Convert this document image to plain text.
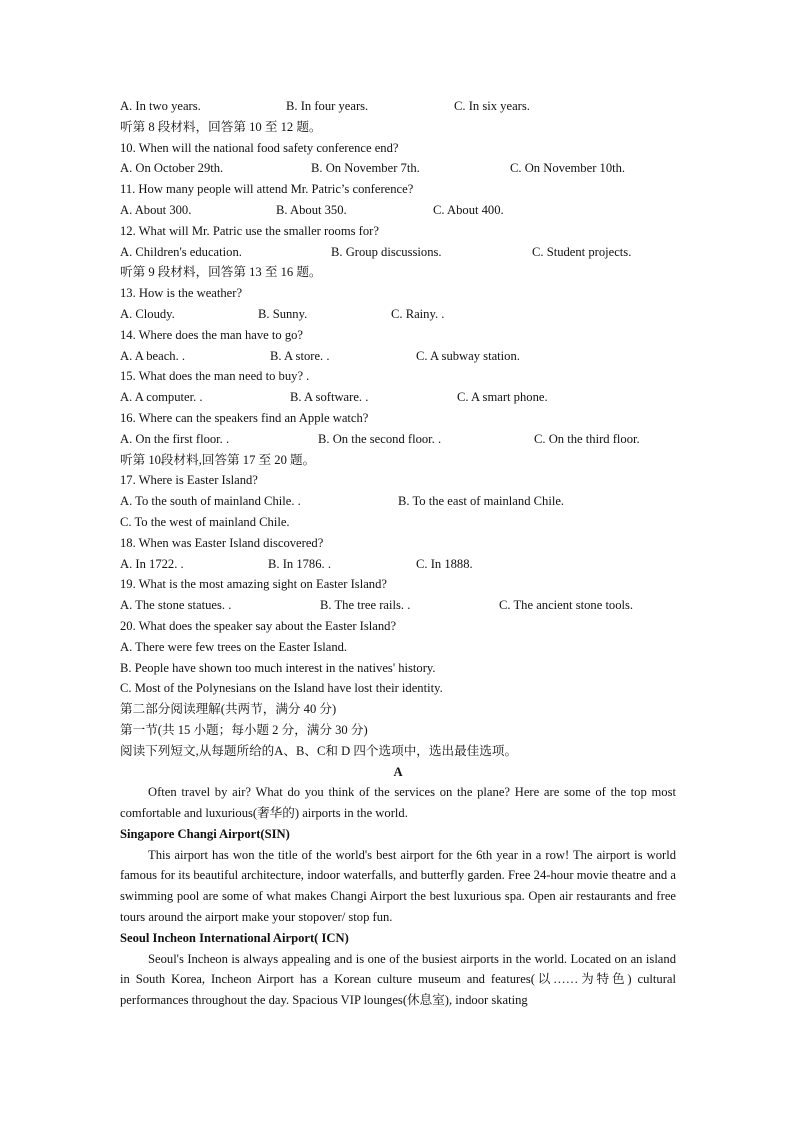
A. In two years.	B. In four years.	C. In six years.
听第 8 段材料，回答第 10 至 12 题。
10. When will the national food safety conference end?
A. On October 29th.	B. On November 7th.	C. On November 10th.
11. How many people will attend Mr. Patric’s conference?
A. About 300.	B. About 350.	C. About 400.
12. What will Mr. Patric use the smaller rooms for?
A. Children's education.	B. Group discussions.	C. Student projects.
听第 9 段材料，回答第 13 至 16 题。
13. How is the weather?
A. Cloudy.	B. Sunny.	C. Rainy. .
14. Where does the man have to go?
A. A beach. .	B. A store. .	C. A subway station.
15. What does the man need to buy? .
A. A computer. .	B. A software. .	C. A smart phone.
16. Where can the speakers find an Apple watch?
A. On the first floor. .	B. On the second floor. .	C. On the third floor.
听第 10段材料,回答第 17 至 20 题。
17. Where is Easter Island?
A. To the south of mainland Chile. .	B. To the east of mainland Chile.
C. To the west of mainland Chile.
18. When was Easter Island discovered?
A. In 1722. .	B. In 1786. .	C. In 1888.
19. What is the most amazing sight on Easter Island?
A. The stone statues. .	B. The tree rails. .	C. The ancient stone tools.
20. What does the speaker say about the Easter Island?
A. There were few trees on the Easter Island.
B. People have shown too much interest in the natives' history.
C. Most of the Polynesians on the Island have lost their identity.
第二部分阅读理解(共两节，满分 40 分)
第一节(共 15 小题；每小题 2 分，满分 30 分)
阅读下列短文,从每题所给的A、B、C和 D 四个选项中，选出最佳选项。
A
Often travel by air? What do you think of the services on the plane? Here are some of the top most comfortable and luxurious(奢华的) airports in the world.
Singapore Changi Airport(SIN)
This airport has won the title of the world's best airport for the 6th year in a row! The airport is world famous for its beautiful architecture, indoor waterfalls, and butterfly garden. Free 24-hour movie theatre and a swimming pool are some of what makes Changi Airport the best luxurious spa. Open air restaurants and free tours around the airport make your stopover/ stop fun.
Seoul Incheon International Airport( ICN)
Seoul's Incheon is always appealing and is one of the busiest airports in the world. Located on an island in South Korea, Incheon Airport has a Korean culture museum and features(以……为特色) cultural performances throughout the day. Spacious VIP lounges(休息室), indoor skating
